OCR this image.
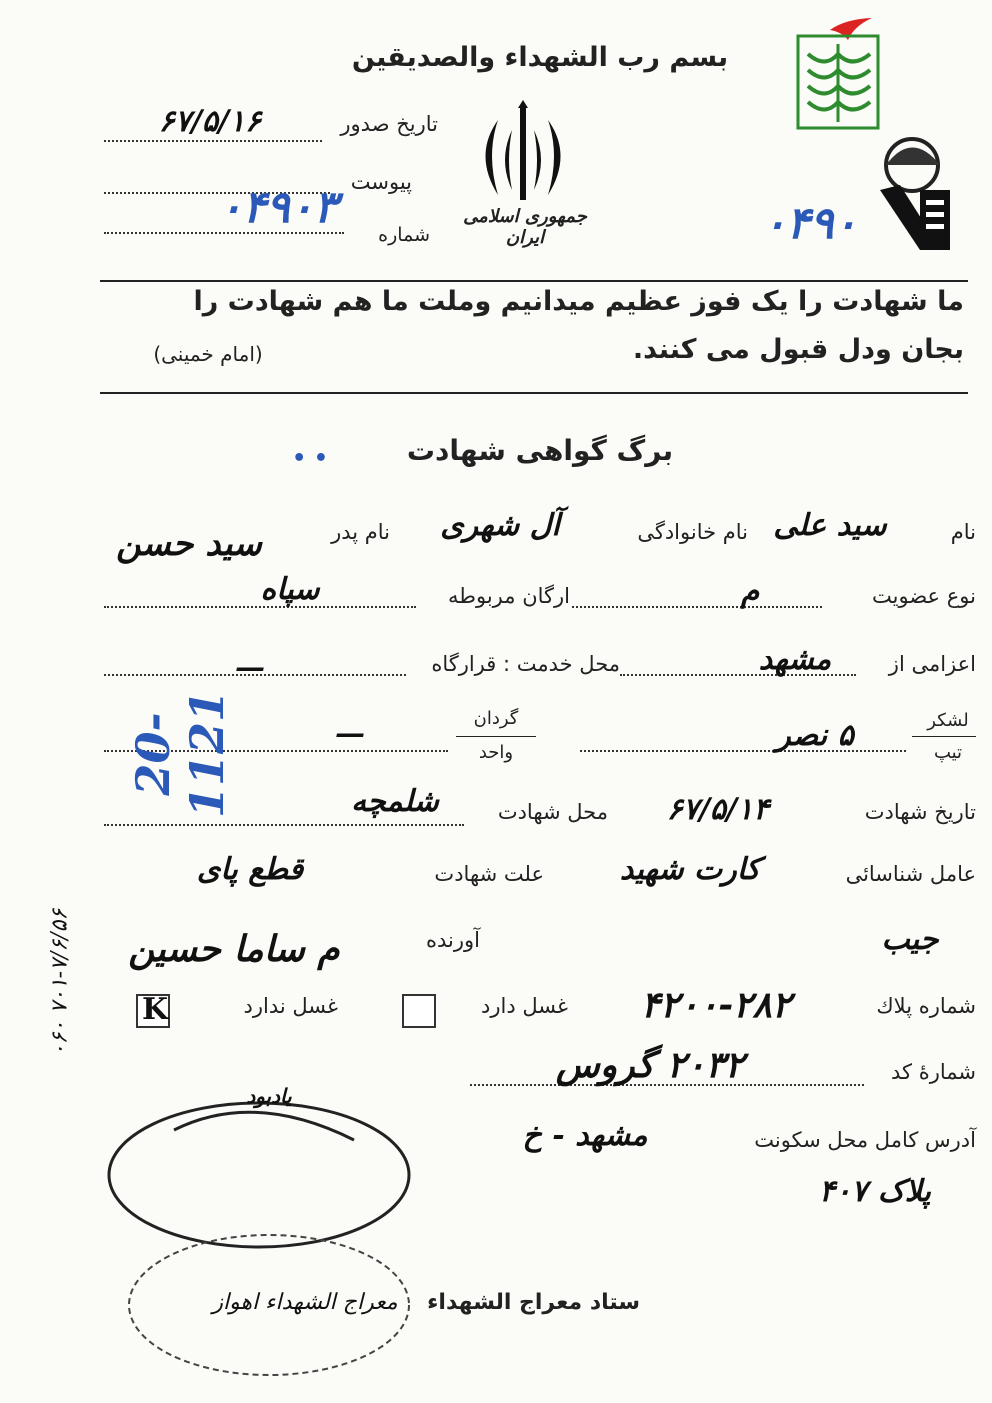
بسم رب الشهداء والصديقين
جمهوری اسلامی ایران
تاریخ صدور
۶۷/۵/۱۶
پیوست
شماره
۰۴۹۰۳	۰۴۹۰
ما شهادت را یک فوز عظیم میدانیم وملت ما هم شهادت را
بجان ودل قبول می کنند.
(امام خمینی)
برگ گواهی شهادت
• •
نام
سید علی
نام خانوادگی
آل شهری
نام پدر
سید حسن
نوع عضویت
م
ارگان مربوطه
سپاه
اعزامی از
مشهد
محل خدمت : قرارگاه
—
لشکر
تیپ
۵ نصر
گردان
واحد
—
تاریخ شهادت
۶۷/۵/۱۴
محل شهادت
شلمچه
عامل شناسائی
کارت شهید
علت شهادت
قطع پای
آورنده
م ساما حسین	جیب
شماره پلاك
۴۲۰۰-۲۸۲
غسل دارد
غسل ندارد
K
شمارهٔ کد
۲۰۳۲ گروس
آدرس کامل محل سکونت
مشهد - خ
پلاک ۴۰۷
ستاد معراج الشهداء
معراج الشهداء اهواز
یادبود
20-1121
۷۰۱-۷/۶/۵۶ ۰۶۰
